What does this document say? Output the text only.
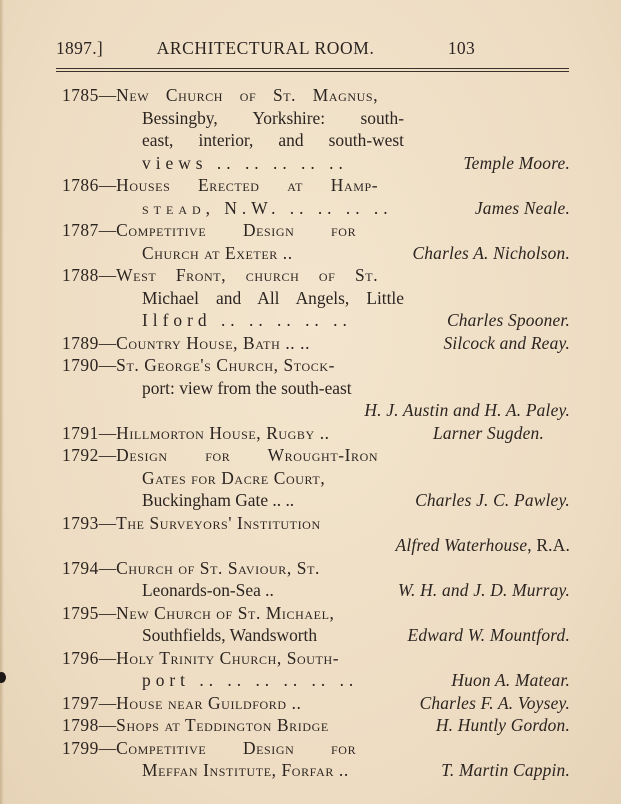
1897.]	ARCHITECTURAL ROOM.	103
1785—New Church of St. Magnus,
Bessingby, Yorkshire: south-
east, interior, and south-west
views .. .. .. .. ..	Temple Moore.
1786—Houses Erected at Hamp-
stead, N.W. .. .. .. ..	James Neale.
1787—Competitive Design for
Church at Exeter ..	Charles A. Nicholson.
1788—West Front, church of St.
Michael and All Angels, Little
Ilford .. .. .. .. ..	Charles Spooner.
1789—Country House, Bath .. ..	Silcock and Reay.
1790—St. George's Church, Stock-
port: view from the south-east
H. J. Austin and H. A. Paley.
1791—Hillmorton House, Rugby ..	Larner Sugden.
1792—Design for Wrought-Iron
Gates for Dacre Court,
Buckingham Gate .. ..	Charles J. C. Pawley.
1793—The Surveyors' Institution
Alfred Waterhouse, R.A.
1794—Church of St. Saviour, St.
Leonards-on-Sea ..	W. H. and J. D. Murray.
1795—New Church of St. Michael,
Southfields, Wandsworth	Edward W. Mountford.
1796—Holy Trinity Church, South-
port .. .. .. .. .. ..	Huon A. Matear.
1797—House near Guildford ..	Charles F. A. Voysey.
1798—Shops at Teddington Bridge	H. Huntly Gordon.
1799—Competitive Design for
Meffan Institute, Forfar ..	T. Martin Cappin.
